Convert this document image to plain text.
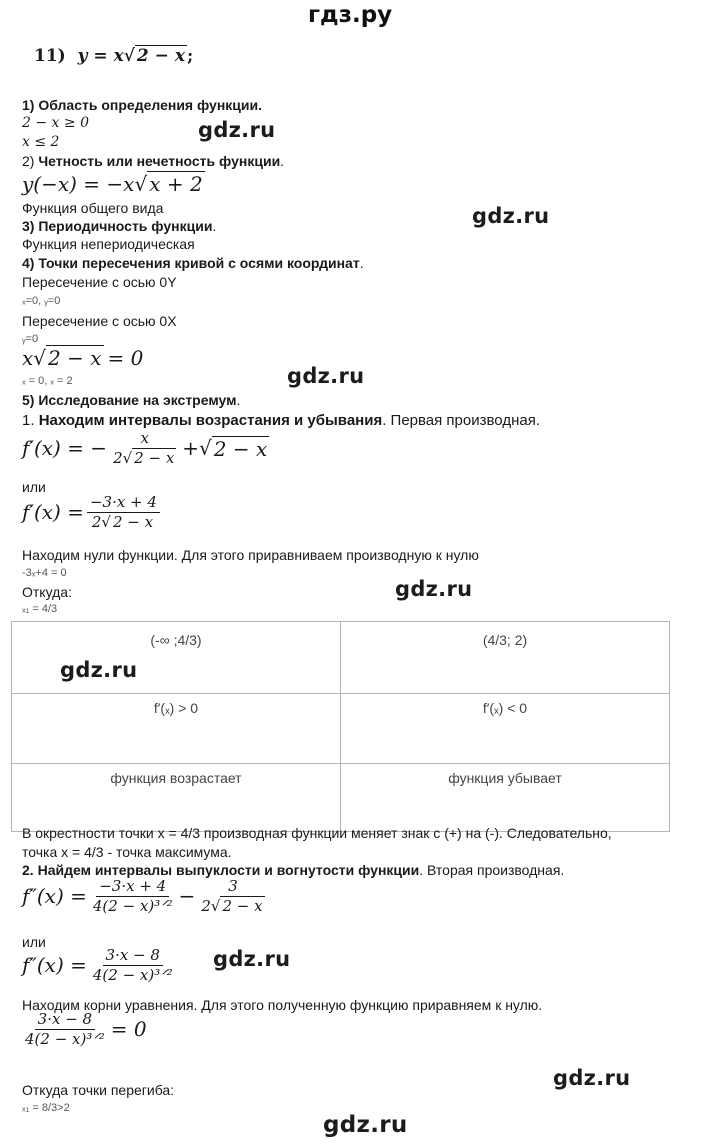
гдз.ру
11) y = x√ 2 − x ;
1) Область определения функции.
2 − x ≥ 0
x ≤ 2	gdz.ru
2) Четность или нечетность функции.
y(−x) = −x√ x + 2
Функция общего вида	gdz.ru
3) Периодичность функции.
Функция непериодическая
4) Точки пересечения кривой с осями координат.
Пересечение с осью 0Y
ₓ=0, ᵧ=0
Пересечение с осью 0X
ᵧ=0
x√ 2 − x = 0
ₓ = 0, ₓ = 2	gdz.ru
5) Исследование на экстремум.
1. Находим интервалы возрастания и убывания. Первая производная.
f′(x) = − $\frac{x}{2√ 2 - x}$ + √ 2 − x
или
$f'(x) = \frac{-3\cdot x + 4}{2√ 2 - x}$
Находим нули функции. Для этого приравниваем производную к нулю
-3ₓ+4 = 0
Откуда:
ₓ₁ = 4/3
gdz.ru
(-∞ ;4/3)	(4/3; 2)
f′(ₓ) > 0	f′(ₓ) < 0
функция возрастает	функция убывает
gdz.ru
В окрестности точки x = 4/3 производная функции меняет знак с (+) на (-). Следовательно,
точка x = 4/3 - точка максимума.
2. Найдем интервалы выпуклости и вогнутости функции. Вторая производная.
$f''(x) = \frac{-3\cdot x + 4}{\text{4(2 − x)³ᐟ²}} - \frac{3}{2√ 2 - x}$
или
$f''(x) = \frac{3\cdot x - 8}{\text{4(2 − x)³ᐟ²}} gdz.ru$
Находим корни уравнения. Для этого полученную функцию приравняем к нулю.
$\frac{3\cdot x - 8}{\text{4(2 − x)³ᐟ²}} = 0$
Откуда точки перегиба:
ₓ₁ = 8/3>2
gdz.ru
gdz.ru
